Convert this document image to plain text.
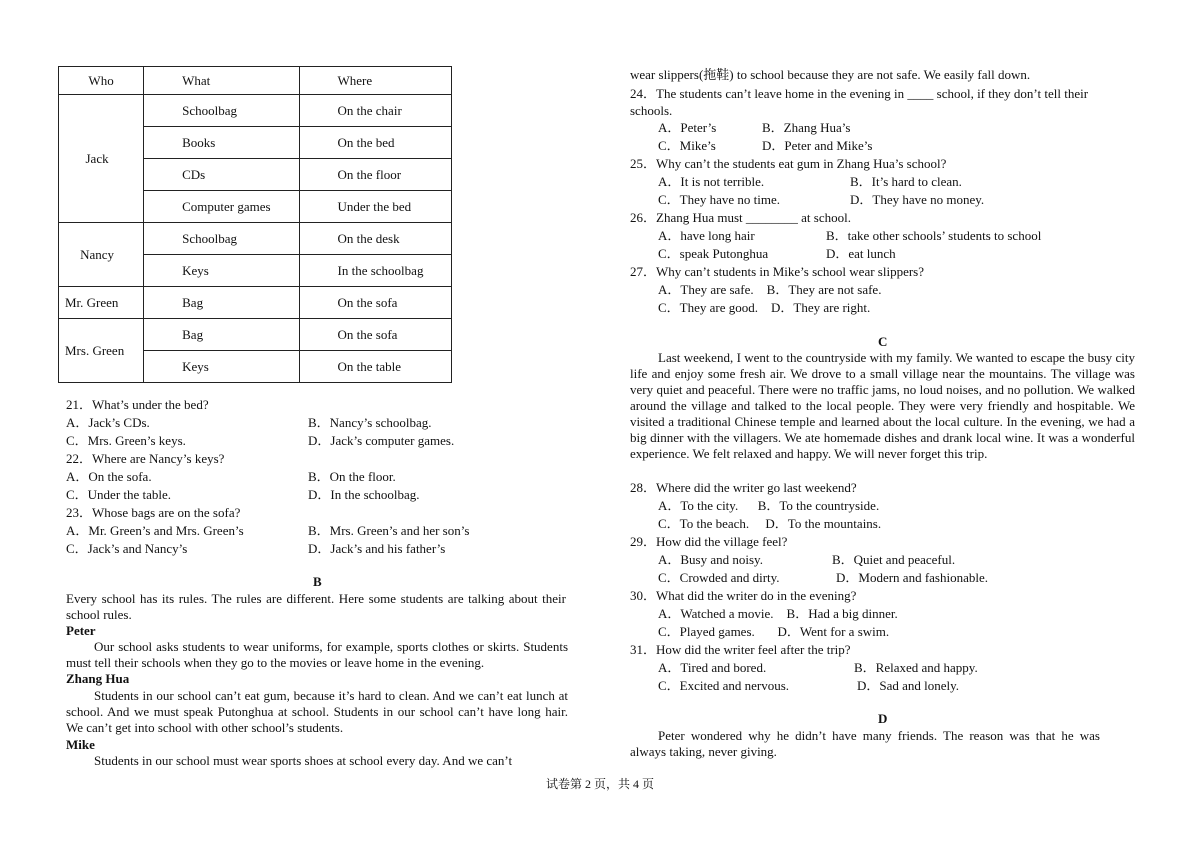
Who	What	Where
Jack	Schoolbag	On the chair
	Books	On the bed
	CDs	On the floor
	Computer games	Under the bed
Nancy	Schoolbag	On the desk
	Keys	In the schoolbag
Mr. Green	Bag	On the sofa
Mrs. Green	Bag	On the sofa
	Keys	On the table
21．What’s under the bed?
A．Jack’s CDs.	B．Nancy’s schoolbag.
C．Mrs. Green’s keys.	D．Jack’s computer games.
22．Where are Nancy’s keys?
A．On the sofa.	B．On the floor.
C．Under the table.	D．In the schoolbag.
23．Whose bags are on the sofa?
A．Mr. Green’s and Mrs. Green’s	B．Mrs. Green’s and her son’s
C．Jack’s and Nancy’s	D．Jack’s and his father’s
B
Every school has its rules. The rules are different. Here some students are talking about their school rules.
Peter
Our school asks students to wear uniforms, for example, sports clothes or skirts. Students must tell their schools when they go to the movies or leave home in the evening.
Zhang Hua
Students in our school can’t eat gum, because it’s hard to clean. And we can’t eat lunch at school. And we must speak Putonghua at school. Students in our school can’t have long hair. We can’t get into school with other school’s students.
Mike
Students in our school must wear sports shoes at school every day. And we can’t
wear slippers(拖鞋) to school because they are not safe. We easily fall down.
24．The students can’t leave home in the evening in ____ school, if they don’t tell their
schools.
A．Peter’s	B．Zhang Hua’s
C．Mike’s	D．Peter and Mike’s
25．Why can’t the students eat gum in Zhang Hua’s school?
A．It is not terrible.	B．It’s hard to clean.
C．They have no time.	D．They have no money.
26．Zhang Hua must ________ at school.
A．have long hair	B．take other schools’ students to school
C．speak Putonghua	D．eat lunch
27．Why can’t students in Mike’s school wear slippers?
A．They are safe.    B．They are not safe.
C．They are good.    D．They are right.
C
Last weekend, I went to the countryside with my family. We wanted to escape the busy city life and enjoy some fresh air. We drove to a small village near the mountains. The village was very quiet and peaceful. There were no traffic jams, no loud noises, and no pollution. We walked around the village and talked to the local people. They were very friendly and hospitable. We visited a traditional Chinese temple and learned about the local culture. In the evening, we had a big dinner with the villagers. We ate homemade dishes and drank local wine. It was a wonderful experience. We felt relaxed and happy. We will never forget this trip.
28．Where did the writer go last weekend?
A．To the city.      B．To the countryside.
C．To the beach.     D．To the mountains.
29．How did the village feel?
A．Busy and noisy.	B．Quiet and peaceful.
C．Crowded and dirty.	D．Modern and fashionable.
30．What did the writer do in the evening?
A．Watched a movie.    B．Had a big dinner.
C．Played games.       D．Went for a swim.
31．How did the writer feel after the trip?
A．Tired and bored.	B．Relaxed and happy.
C．Excited and nervous.	D．Sad and lonely.
D
Peter wondered why he didn’t have many friends. The reason was that he was always taking, never giving.
试卷第 2 页，共 4 页
